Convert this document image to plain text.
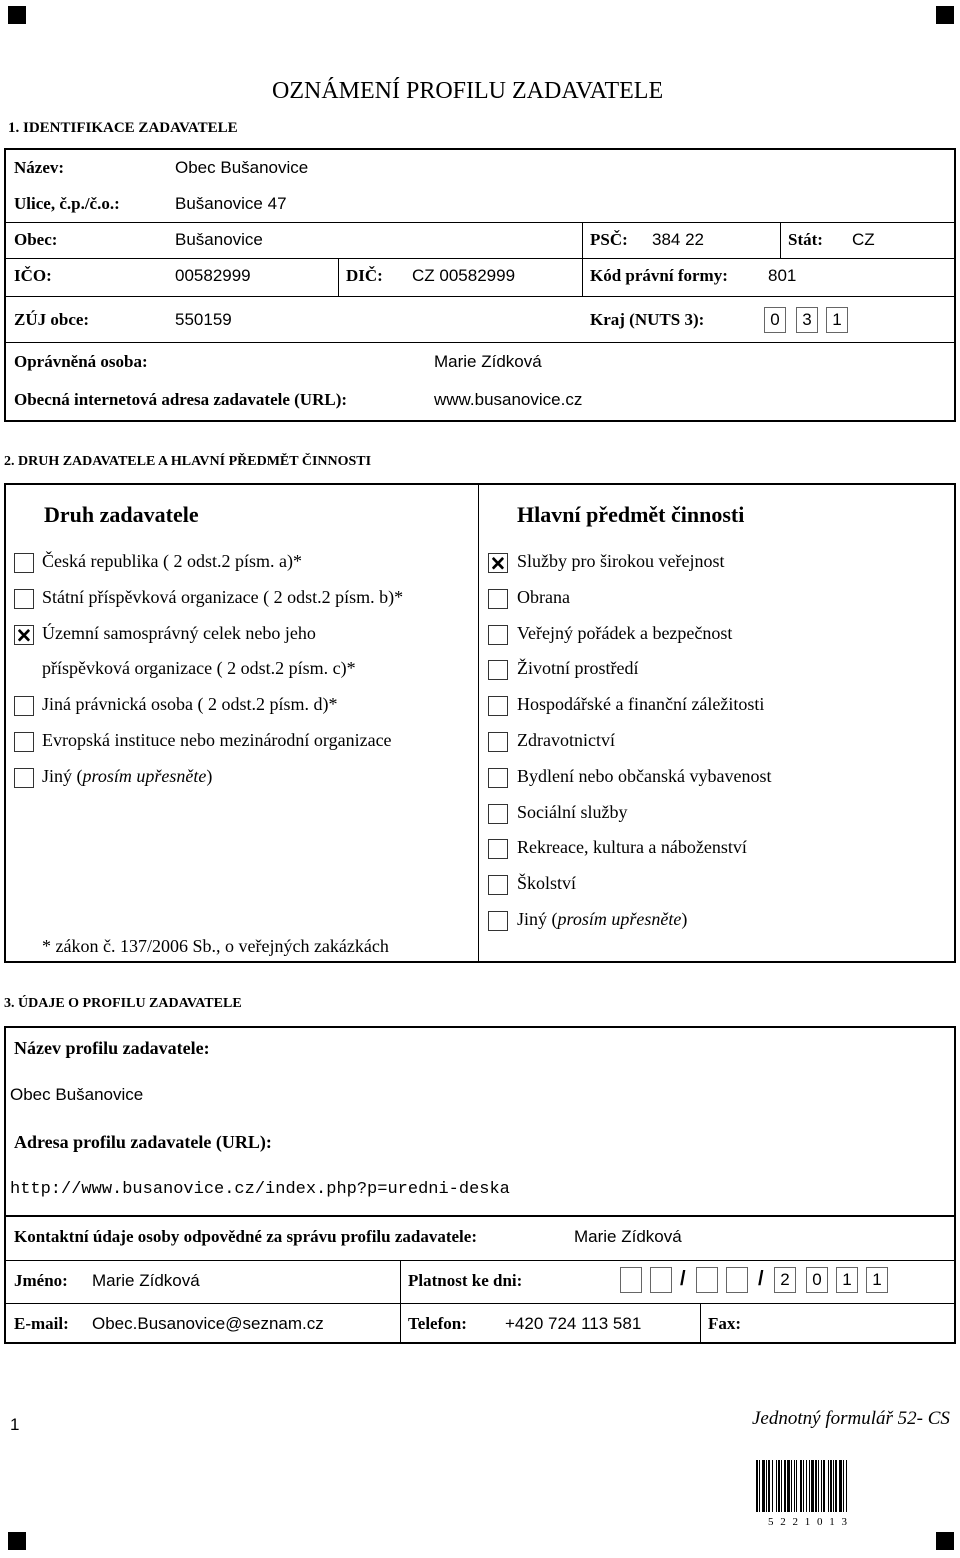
OZNÁMENÍ PROFILU ZADAVATELE
1. IDENTIFIKACE ZADAVATELE
Název:	Obec Bušanovice
Ulice, č.p./č.o.:	Bušanovice 47
Obec:	Bušanovice	PSČ: 384 22	Stát: CZ
IČO:	00582999	DIČ: CZ 00582999	Kód právní formy: 801
ZÚJ obce:	550159	Kraj (NUTS 3):	0	3	1
Oprávněná osoba:	Marie Zídková
Obecná internetová adresa zadavatele (URL):	www.busanovice.cz
2. DRUH ZADAVATELE A HLAVNÍ PŘEDMĚT ČINNOSTI
Druh zadavatele	Hlavní předmět činnosti
Česká republika ( 2 odst.2 písm. a)*
Státní příspěvková organizace ( 2 odst.2 písm. b)*
🗙 Územní samosprávný celek nebo jeho
příspěvková organizace ( 2 odst.2 písm. c)*
Jiná právnická osoba ( 2 odst.2 písm. d)*
Evropská instituce nebo mezinárodní organizace
Jiný (prosím upřesněte)
🗙 Služby pro širokou veřejnost
Obrana
Veřejný pořádek a bezpečnost
Životní prostředí
Hospodářské a finanční záležitosti
Zdravotnictví
Bydlení nebo občanská vybavenost
Sociální služby
Rekreace, kultura a náboženství
Školství
Jiný (prosím upřesněte)
* zákon č. 137/2006 Sb., o veřejných zakázkách
3. ÚDAJE O PROFILU ZADAVATELE
Název profilu zadavatele:
Obec Bušanovice
Adresa profilu zadavatele (URL):
http://www.busanovice.cz/index.php?p=uredni-deska
Kontaktní údaje osoby odpovědné za správu profilu zadavatele:	Marie Zídková
Jméno: Marie Zídková	Platnost ke dni:	/	/ 2	0	1	1
E-mail: Obec.Busanovice@seznam.cz	Telefon: +420 724 113 581	Fax:
1	Jednotný formulář 52- CS
5 2 2 1 0 1 3
